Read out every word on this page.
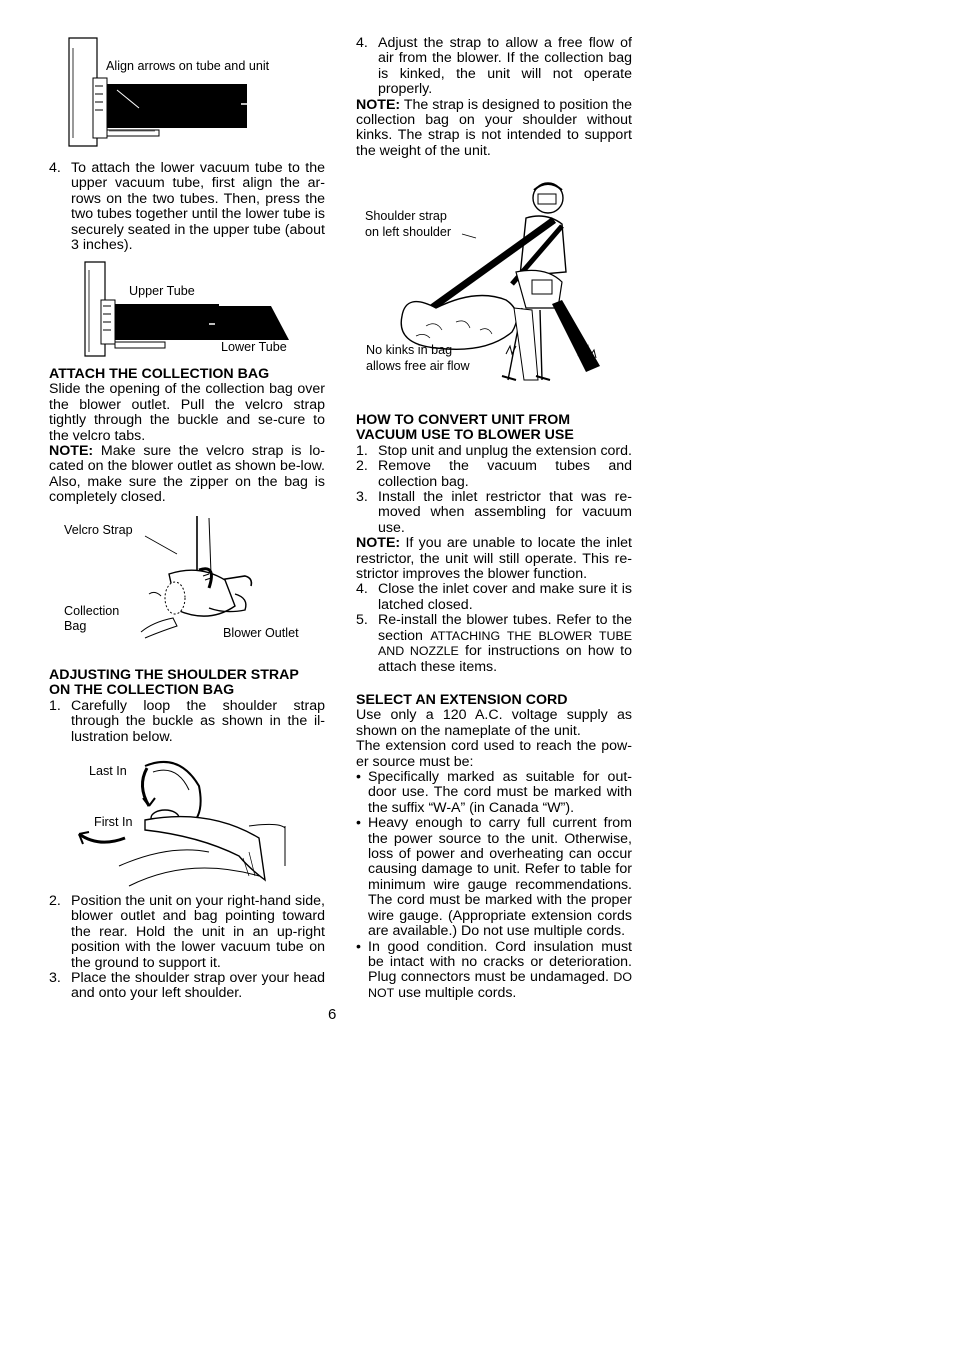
Align arrows on tube and unit
4. To attach the lower vacuum tube to the upper vacuum tube, first align the ar-rows on the two tubes. Then, press the two tubes together until the lower tube is securely seated in the upper tube (about 3 inches).
Upper Tube
Lower Tube

ATTACH THE COLLECTION BAG

Slide the opening of the collection bag over the blower outlet. Pull the velcro strap tightly through the buckle and se-cure to the velcro tabs.

NOTE: Make sure the velcro strap is lo-cated on the blower outlet as shown be-low. Also, make sure the zipper on the bag is completely closed.

Velcro Strap
Collection
Bag	Blower Outlet

ADJUSTING THE SHOULDER STRAP

ON THE COLLECTION BAG

1. Carefully loop the shoulder strap through the buckle as shown in the il-lustration below.
Last In
First In
2. Position the unit on your right-hand side, blower outlet and bag pointing toward the rear. Hold the unit in an up-right position with the lower vacuum tube on the ground to support it.
3. Place the shoulder strap over your head and onto your left shoulder.
6
4. Adjust the strap to allow a free flow of air from the blower. If the collection bag is kinked, the unit will not operate properly.

NOTE: The strap is designed to position the collection bag on your shoulder without kinks. The strap is not intended to support the weight of the unit.

Shoulder strap
on left shoulder
No kinks in bag
allows free air flow

HOW TO CONVERT UNIT FROM

VACUUM USE TO BLOWER USE

1. Stop unit and unplug the extension cord.
2. Remove the vacuum tubes and collection bag.
3. Install the inlet restrictor that was re-moved when assembling for vacuum use.

NOTE: If you are unable to locate the inlet restrictor, the unit will still operate. This re-strictor improves the blower function.

4. Close the inlet cover and make sure it is latched closed.
5. Re-install the blower tubes. Refer to the section ATTACHING THE BLOWER TUBE AND NOZZLE for instructions on how to attach these items.

SELECT AN EXTENSION CORD

Use only a 120 A.C. voltage supply as shown on the nameplate of the unit.

The extension cord used to reach the pow-er source must be:

• Specifically marked as suitable for out-door use. The cord must be marked with the suffix “W-A” (in Canada “W”).
• Heavy enough to carry full current from the power source to the unit. Otherwise, loss of power and overheating can occur causing damage to unit. Refer to table for minimum wire gauge recommendations. The cord must be marked with the proper wire gauge. (Appropriate extension cords are available.) Do not use multiple cords.
• In good condition. Cord insulation must be intact with no cracks or deterioration. Plug connectors must be undamaged. DO NOT use multiple cords.
